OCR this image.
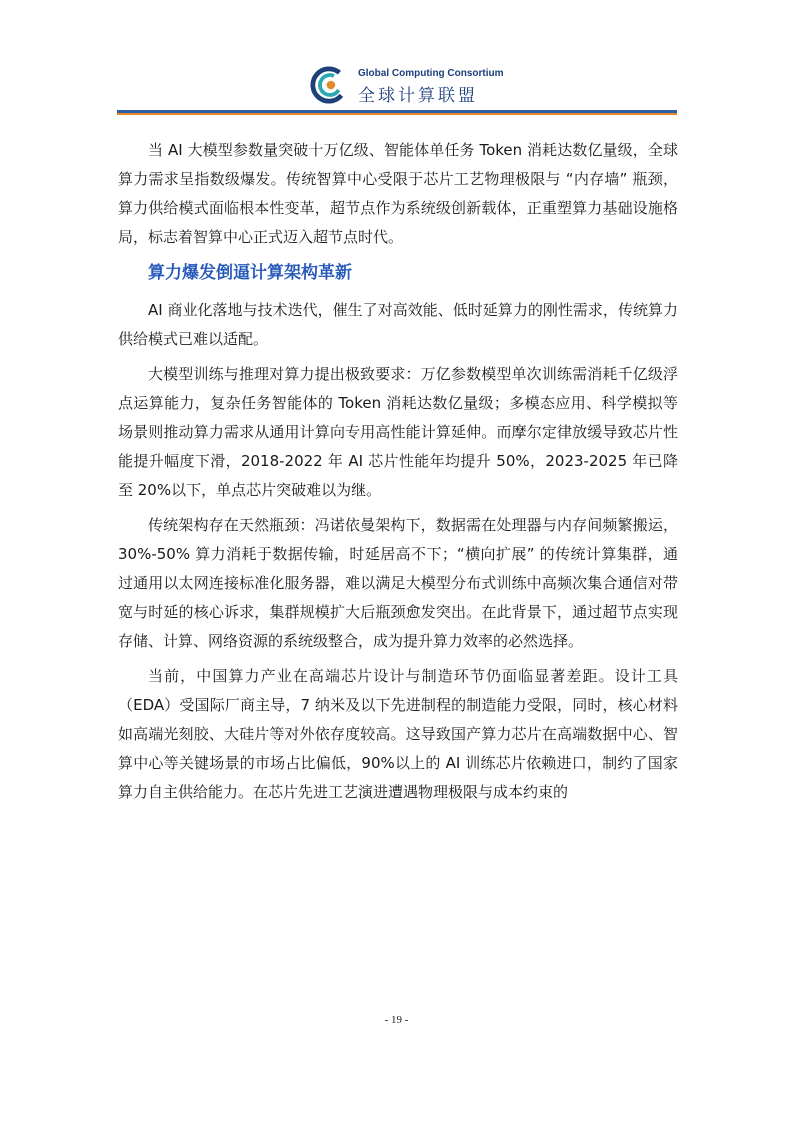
Global Computing Consortium
全球计算联盟

当 AI 大模型参数量突破十万亿级、智能体单任务 Token 消耗达数亿量级，全球算力需求呈指数级爆发。传统智算中心受限于芯片工艺物理极限与 “内存墙” 瓶颈，算力供给模式面临根本性变革，超节点作为系统级创新载体，正重塑算力基础设施格局，标志着智算中心正式迈入超节点时代。

算力爆发倒逼计算架构革新

AI 商业化落地与技术迭代，催生了对高效能、低时延算力的刚性需求，传统算力供给模式已难以适配。

大模型训练与推理对算力提出极致要求：万亿参数模型单次训练需消耗千亿级浮点运算能力，复杂任务智能体的 Token 消耗达数亿量级；多模态应用、科学模拟等场景则推动算力需求从通用计算向专用高性能计算延伸。而摩尔定律放缓导致芯片性能提升幅度下滑，2018-2022 年 AI 芯片性能年均提升 50%，2023-2025 年已降至 20%以下，单点芯片突破难以为继。

传统架构存在天然瓶颈：冯诺依曼架构下，数据需在处理器与内存间频繁搬运，30%-50% 算力消耗于数据传输，时延居高不下；“横向扩展” 的传统计算集群，通过通用以太网连接标准化服务器，难以满足大模型分布式训练中高频次集合通信对带宽与时延的核心诉求，集群规模扩大后瓶颈愈发突出。在此背景下，通过超节点实现存储、计算、网络资源的系统级整合，成为提升算力效率的必然选择。

当前，中国算力产业在高端芯片设计与制造环节仍面临显著差距。设计工具（EDA）受国际厂商主导，7 纳米及以下先进制程的制造能力受限，同时，核心材料如高端光刻胶、大硅片等对外依存度较高。这导致国产算力芯片在高端数据中心、智算中心等关键场景的市场占比偏低，90%以上的 AI 训练芯片依赖进口，制约了国家算力自主供给能力。在芯片先进工艺演进遭遇物理极限与成本约束的

- 19 -
